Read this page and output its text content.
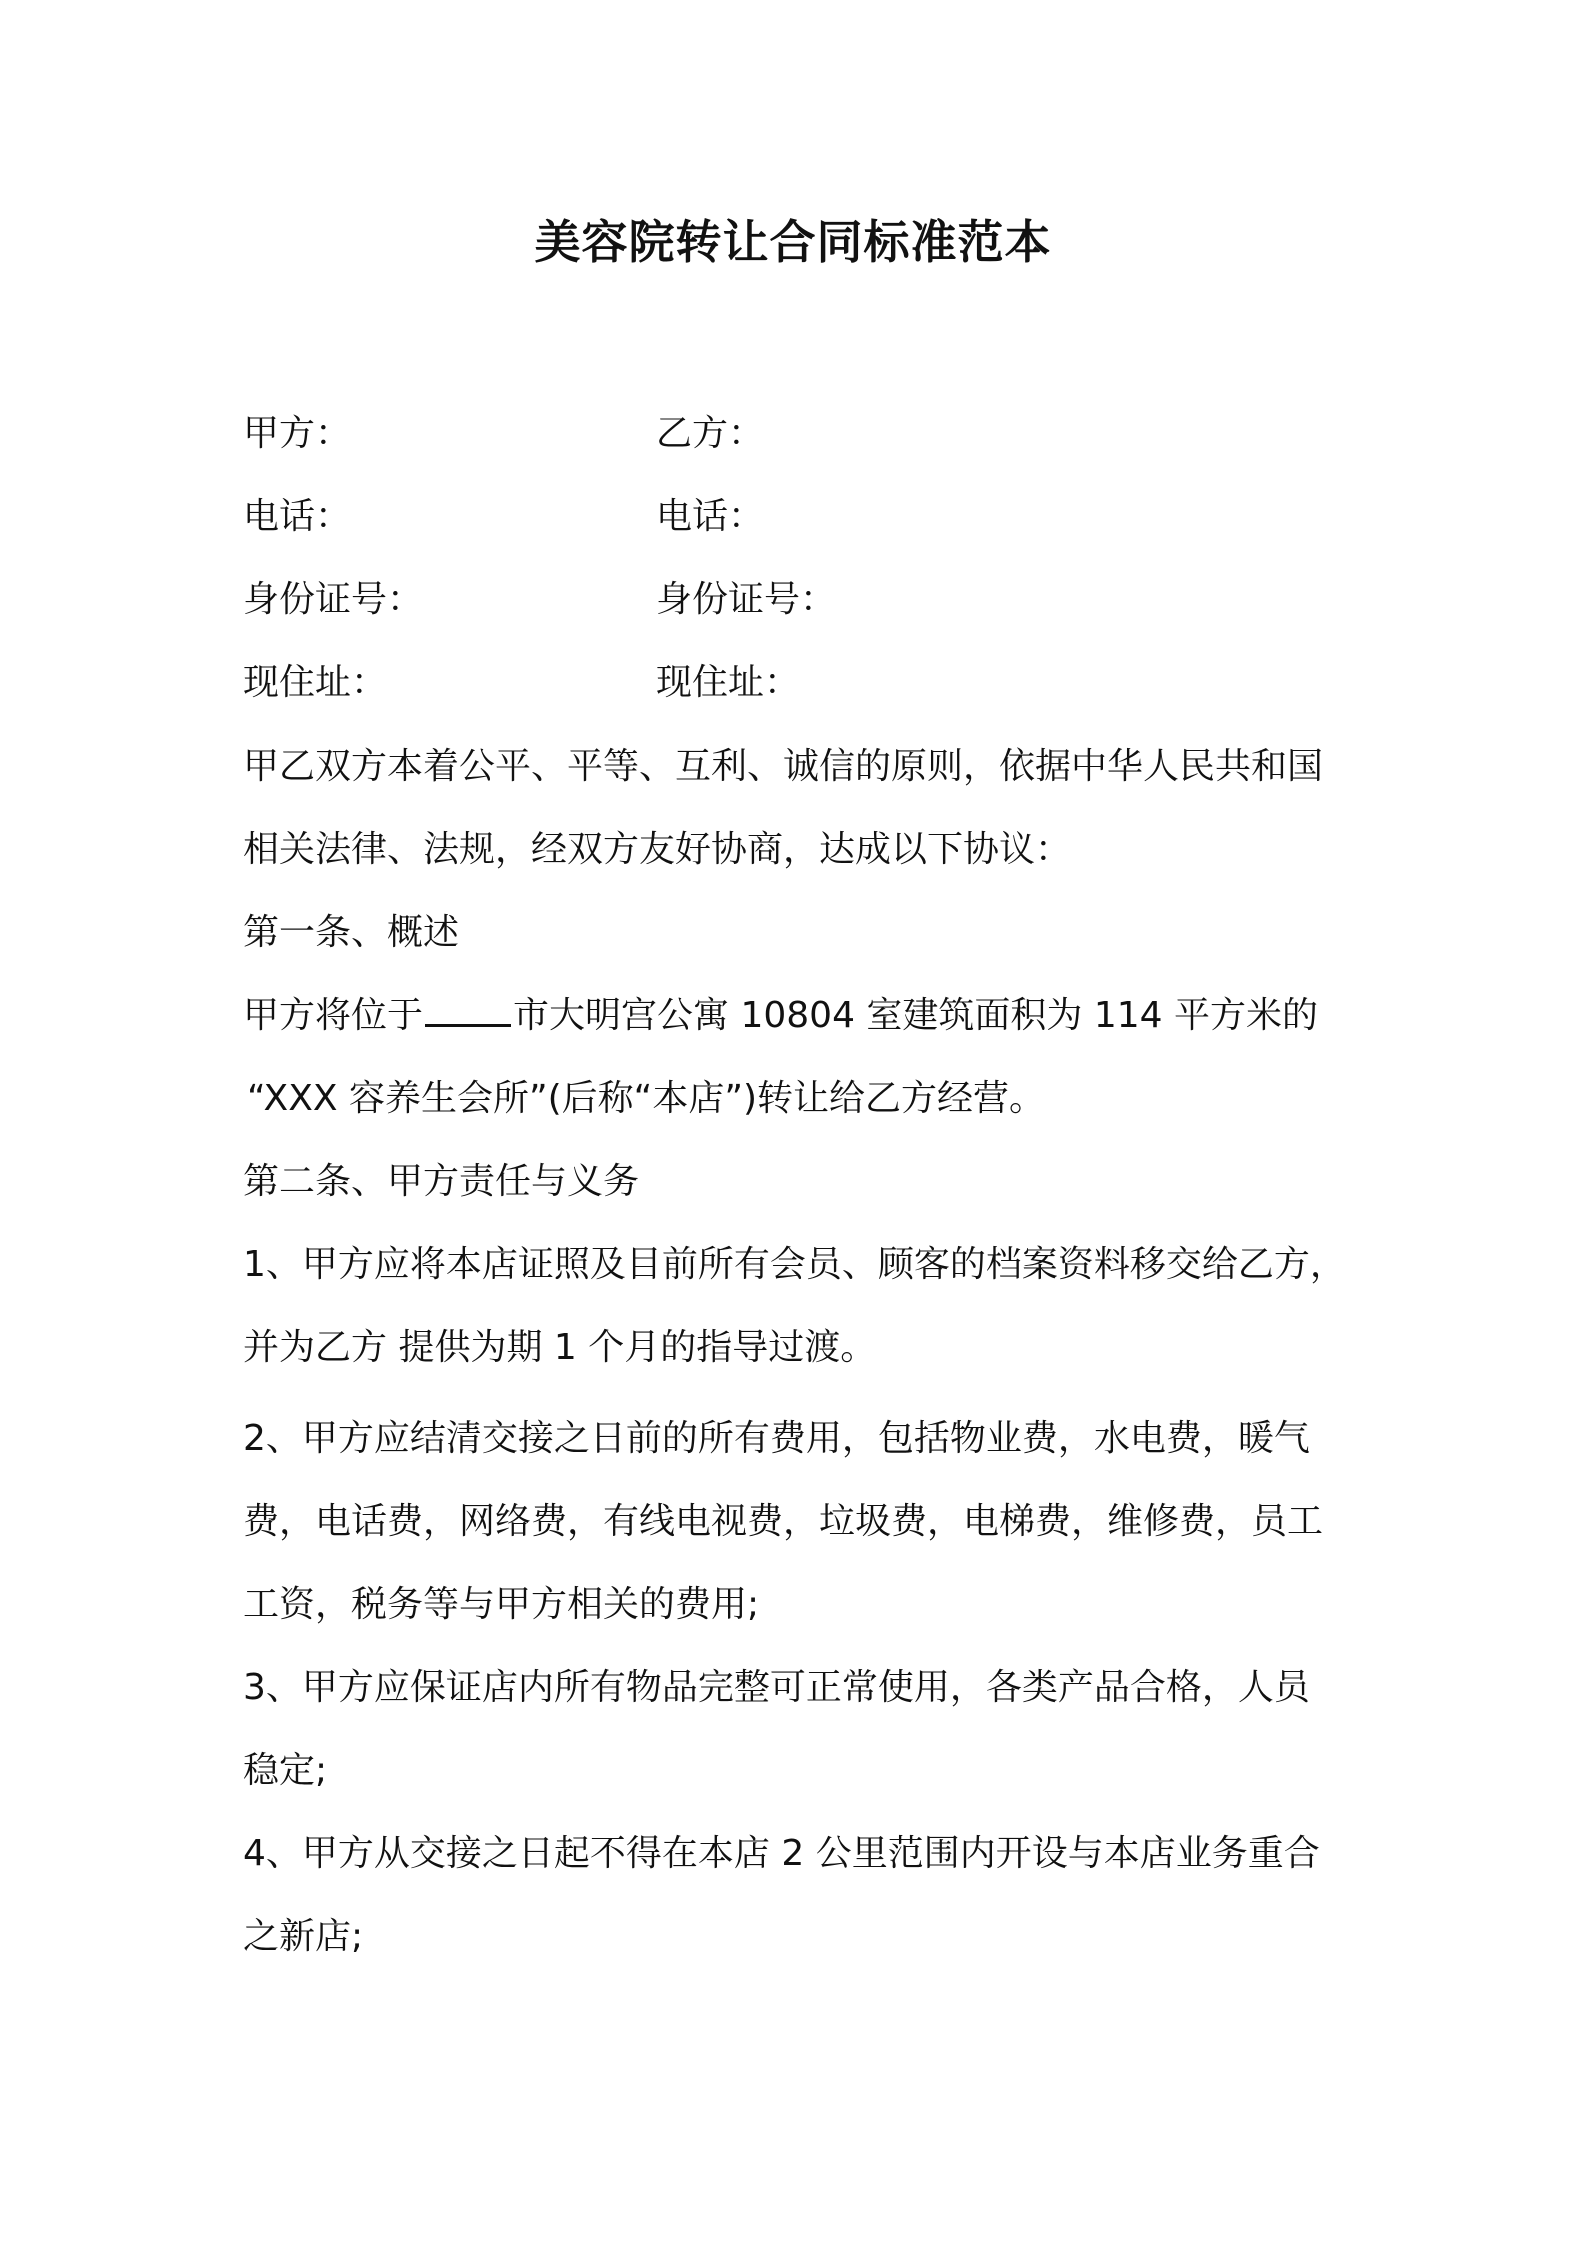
美容院转让合同标准范本
甲方：	乙方：
电话：	电话：
身份证号：	身份证号：
现住址：	现住址：
甲乙双方本着公平、平等、互利、诚信的原则，依据中华人民共和国
相关法律、法规，经双方友好协商，达成以下协议：
第一条、概述
甲方将位于	市大明宫公寓 10804 室建筑面积为 114 平方米的
“XXX 容养生会所”(后称“本店”)转让给乙方经营。
第二条、甲方责任与义务
1、甲方应将本店证照及目前所有会员、顾客的档案资料移交给乙方，
并为乙方 提供为期 1 个月的指导过渡。
2、甲方应结清交接之日前的所有费用，包括物业费，水电费，暖气
费，电话费，网络费，有线电视费，垃圾费，电梯费，维修费，员工
工资，税务等与甲方相关的费用;
3、甲方应保证店内所有物品完整可正常使用，各类产品合格，人员
稳定;
4、甲方从交接之日起不得在本店 2 公里范围内开设与本店业务重合
之新店;
